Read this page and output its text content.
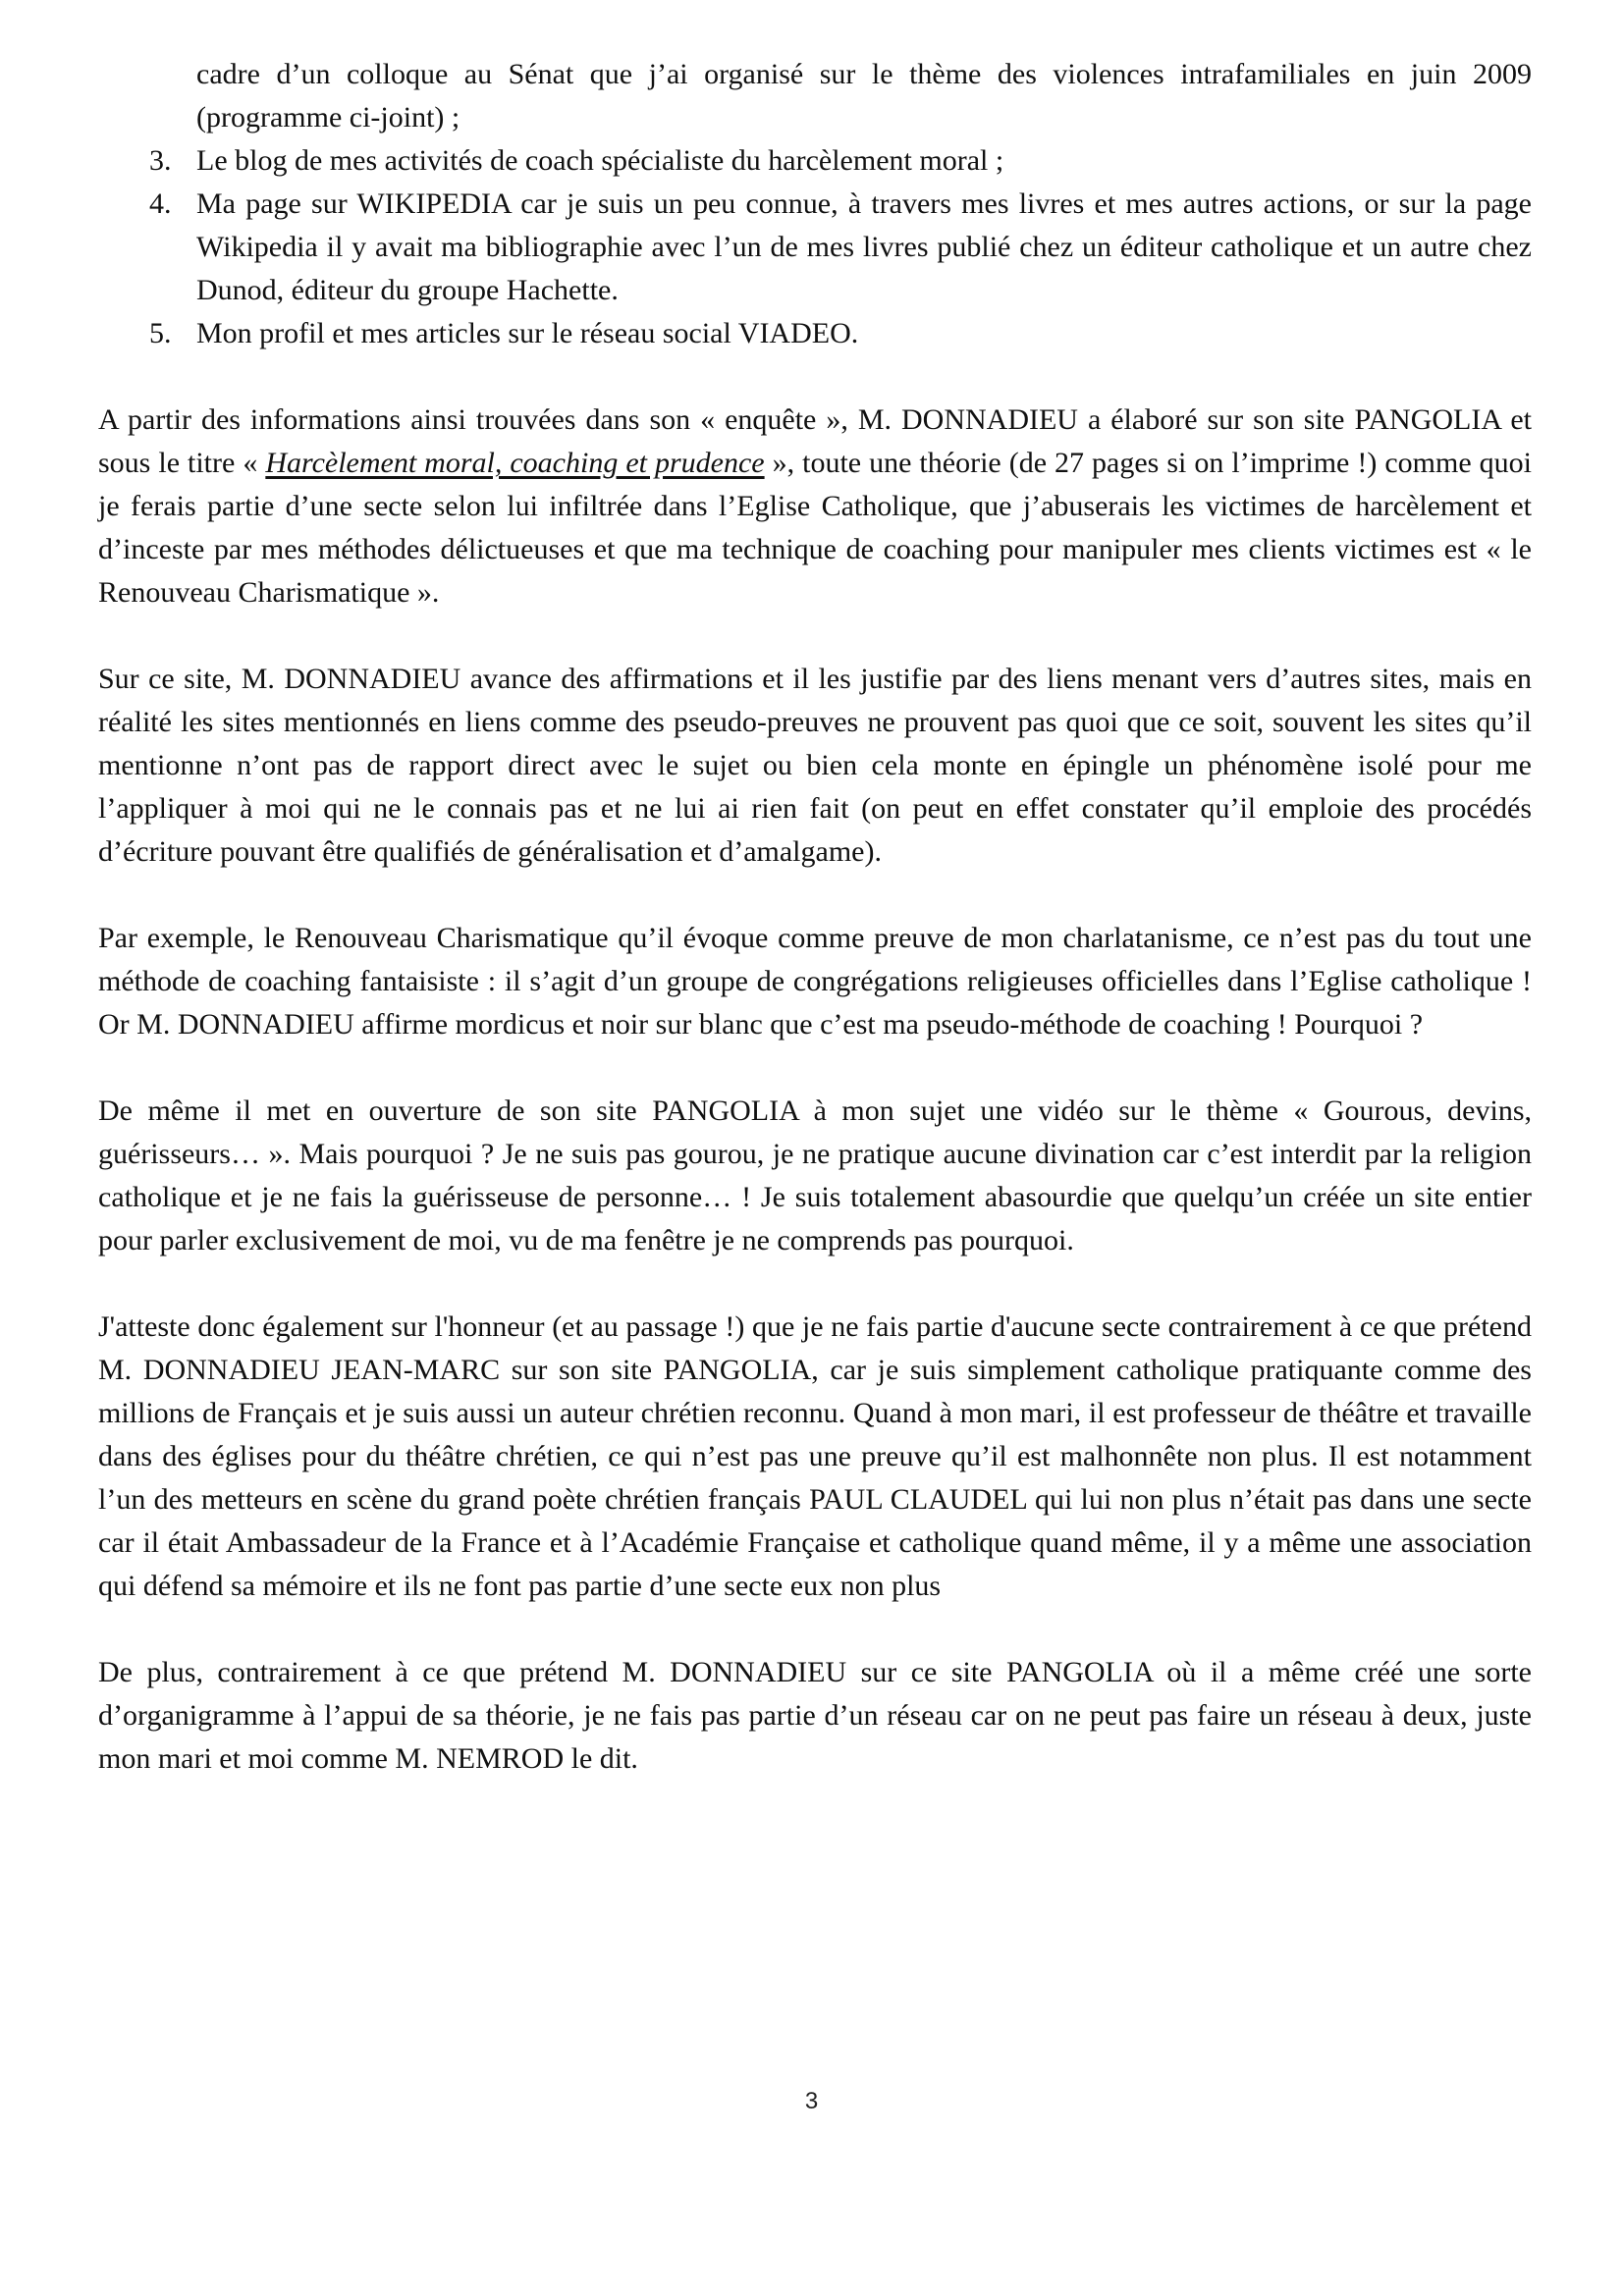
cadre d’un colloque au Sénat que j’ai organisé sur le thème des violences intrafamiliales en juin 2009 (programme ci-joint) ;
3. Le blog de mes activités de coach spécialiste du harcèlement moral ;
4. Ma page sur WIKIPEDIA car je suis un peu connue, à travers mes livres et mes autres actions, or sur la page Wikipedia il y avait ma bibliographie avec l’un de mes livres publié chez un éditeur catholique et un autre chez Dunod, éditeur du groupe Hachette.
5. Mon profil et mes articles sur le réseau social VIADEO.

A partir des informations ainsi trouvées dans son « enquête », M. DONNADIEU a élaboré sur son site PANGOLIA et sous le titre « Harcèlement moral, coaching et prudence », toute une théorie (de 27 pages si on l’imprime !) comme quoi je ferais partie d’une secte selon lui infiltrée dans l’Eglise Catholique, que j’abuserais les victimes de harcèlement et d’inceste par mes méthodes délictueuses et que ma technique de coaching pour manipuler mes clients victimes est « le Renouveau Charismatique ».

Sur ce site, M. DONNADIEU avance des affirmations et il les justifie par des liens menant vers d’autres sites, mais en réalité les sites mentionnés en liens comme des pseudo-preuves ne prouvent pas quoi que ce soit, souvent les sites qu’il mentionne n’ont pas de rapport direct avec le sujet ou bien cela monte en épingle un phénomène isolé pour me l’appliquer à moi qui ne le connais pas et ne lui ai rien fait (on peut en effet constater qu’il emploie des procédés d’écriture pouvant être qualifiés de généralisation et d’amalgame).

Par exemple, le Renouveau Charismatique qu’il évoque comme preuve de mon charlatanisme, ce n’est pas du tout une méthode de coaching fantaisiste : il s’agit d’un groupe de congrégations religieuses officielles dans l’Eglise catholique ! Or M. DONNADIEU affirme mordicus et noir sur blanc que c’est ma pseudo-méthode de coaching ! Pourquoi ?

De même il met en ouverture de son site PANGOLIA à mon sujet une vidéo sur le thème « Gourous, devins, guérisseurs… ». Mais pourquoi ? Je ne suis pas gourou, je ne pratique aucune divination car c’est interdit par la religion catholique et je ne fais la guérisseuse de personne… ! Je suis totalement abasourdie que quelqu’un créée un site entier pour parler exclusivement de moi, vu de ma fenêtre je ne comprends pas pourquoi.

J'atteste donc également sur l'honneur (et au passage !) que je ne fais partie d'aucune secte contrairement à ce que prétend M. DONNADIEU JEAN-MARC sur son site PANGOLIA, car je suis simplement catholique pratiquante comme des millions de Français et je suis aussi un auteur chrétien reconnu. Quand à mon mari, il est professeur de théâtre et travaille dans des églises pour du théâtre chrétien, ce qui n’est pas une preuve qu’il est malhonnête non plus. Il est notamment l’un des metteurs en scène du grand poète chrétien français PAUL CLAUDEL qui lui non plus n’était pas dans une secte car il était Ambassadeur de la France et à l’Académie Française et catholique quand même, il y a même une association qui défend sa mémoire et ils ne font pas partie d’une secte eux non plus

De plus, contrairement à ce que prétend M. DONNADIEU sur ce site PANGOLIA où il a même créé une sorte d’organigramme à l’appui de sa théorie, je ne fais pas partie d’un réseau car on ne peut pas faire un réseau à deux, juste mon mari et moi comme M. NEMROD le dit.

3
